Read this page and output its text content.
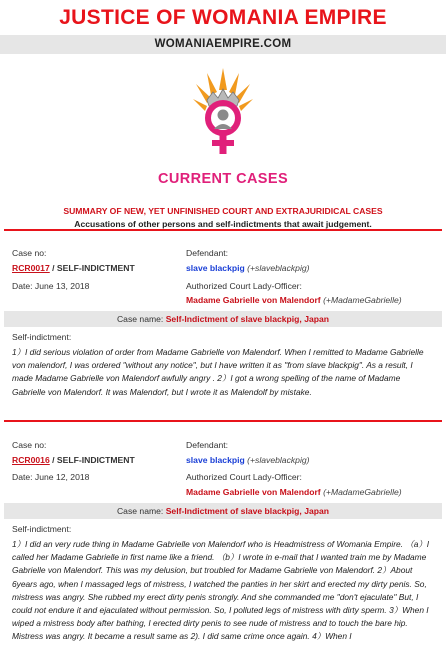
JUSTICE OF WOMANIA EMPIRE
WOMANIAEMPIRE.COM
CURRENT CASES
SUMMARY OF NEW, YET UNFINISHED COURT AND EXTRAJURIDICAL CASES
Accusations of other persons and self-indictments that await judgement.
Case no:
RCR0017 / SELF-INDICTMENT
Date: June 13, 2018
Defendant:
slave blackpig (+slaveblackpig)
Authorized Court Lady-Officer:
Madame Gabrielle von Malendorf (+MadameGabrielle)
Case name: Self-Indictment of slave blackpig, Japan
Self-indictment:
1）I did serious violation of order from Madame Gabrielle von Malendorf. When I remitted to Madame Gabrielle von malendorf, I was ordered "without any notice", but I have written it as "from slave blackpig". As a result, I made Madame Gabrielle von Malendorf awfully angry . 2）I got a wrong spelling of the name of Madame Gabrielle von Malendorf. It was Malendorf, but I wrote it as Malendolf by mistake.
Case no:
RCR0016 / SELF-INDICTMENT
Date: June 12, 2018
Defendant:
slave blackpig (+slaveblackpig)
Authorized Court Lady-Officer:
Madame Gabrielle von Malendorf (+MadameGabrielle)
Case name: Self-Indictment of slave blackpig, Japan
Self-indictment:
1）I did an very rude thing in Madame Gabrielle von Malendorf who is Headmistress of Womania Empire. （a）I called her Madame Gabrielle in first name like a friend. （b）I wrote in e-mail that I wanted train me by Madame Gabrielle von Malendorf. This was my delusion, but troubled for Madame Gabrielle von Malendorf. 2）About 6years ago, when I massaged legs of mistress, I watched the panties in her skirt and erected my dirty penis. So, mistress was angry. She rubbed my erect dirty penis strongly. And she commanded me "don't ejaculate" But, I could not endure it and ejaculated without permission. So, I polluted legs of mistress with dirty sperm. 3）When I wiped a mistress body after bathing, I erected dirty penis to see nude of mistress and to touch the bare hip. Mistress was angry. It became a result same as 2). I did same crime once again. 4）When I
